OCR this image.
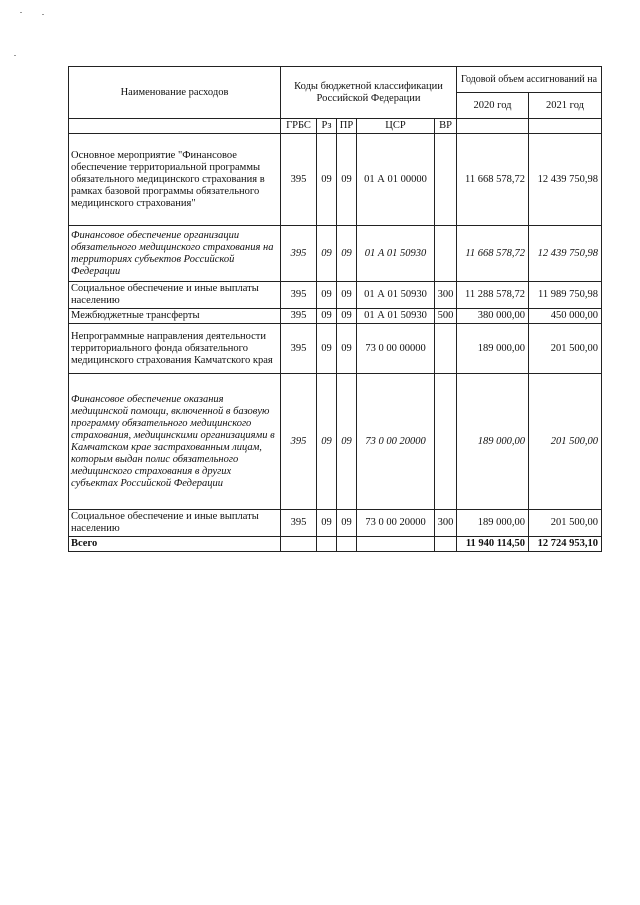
Наименование расходов	Коды бюджетной классификации Российской Федерации					Годовой объем ассигнований на	
						2020 год	2021 год
	ГРБС	Рз	ПР	ЦСР	ВР		
Основное мероприятие "Финансовое обеспечение территориальной программы обязательного медицинского страхования в рамках базовой программы обязательного медицинского страхования"	395	09	09	01 А 01 00000		11 668 578,72	12 439 750,98
Финансовое обеспечение организации обязательного медицинского страхования на территориях субъектов Российской Федерации	395	09	09	01 А 01 50930		11 668 578,72	12 439 750,98
Социальное обеспечение и иные выплаты населению	395	09	09	01 А 01 50930	300	11 288 578,72	11 989 750,98
Межбюджетные трансферты	395	09	09	01 А 01 50930	500	380 000,00	450 000,00
Непрограммные направления деятельности территориального фонда обязательного медицинского страхования Камчатского края	395	09	09	73 0 00 00000		189 000,00	201 500,00
Финансовое обеспечение оказания медицинской помощи, включенной в базовую программу обязательного медицинского страхования, медицинскими организациями в Камчатском крае застрахованным лицам, которым выдан полис обязательного медицинского страхования в других субъектах Российской Федерации	395	09	09	73 0 00 20000		189 000,00	201 500,00
Социальное обеспечение и иные выплаты населению	395	09	09	73 0 00 20000	300	189 000,00	201 500,00
Всего						11 940 114,50	12 724 953,10
